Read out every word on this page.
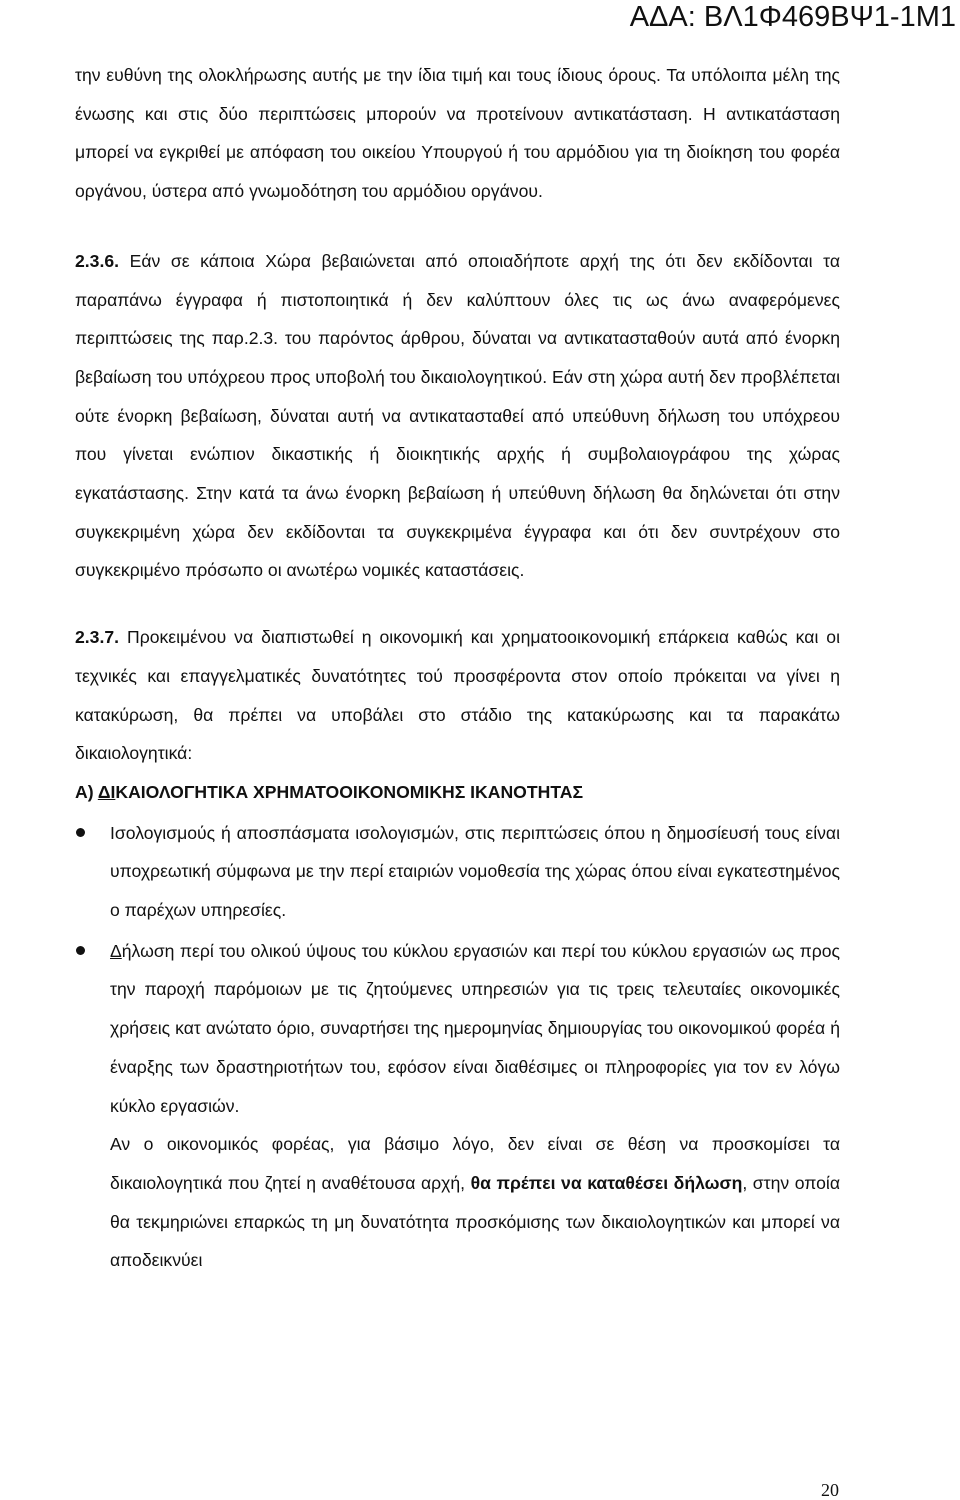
ΑΔΑ: ΒΛ1Φ469ΒΨ1-1Μ1

την ευθύνη της ολοκλήρωσης αυτής με την ίδια τιμή και τους ίδιους όρους. Τα υπόλοιπα μέλη της ένωσης και στις δύο περιπτώσεις μπορούν να προτείνουν αντικατάσταση. Η αντικατάσταση μπορεί να εγκριθεί με απόφαση του οικείου Υπουργού ή του αρμόδιου για τη διοίκηση του φορέα οργάνου, ύστερα από γνωμοδότηση του αρμόδιου οργάνου.

2.3.6. Εάν σε κάποια Χώρα βεβαιώνεται από οποιαδήποτε αρχή της ότι δεν εκδίδονται τα παραπάνω έγγραφα ή πιστοποιητικά ή δεν καλύπτουν όλες τις ως άνω αναφερόμενες περιπτώσεις της παρ.2.3. του παρόντος άρθρου, δύναται να αντικατασταθούν αυτά από ένορκη βεβαίωση του υπόχρεου προς υποβολή του δικαιολογητικού. Εάν στη χώρα αυτή δεν προβλέπεται ούτε ένορκη βεβαίωση, δύναται αυτή να αντικατασταθεί από υπεύθυνη δήλωση του υπόχρεου που γίνεται ενώπιον δικαστικής ή διοικητικής αρχής ή συμβολαιογράφου της χώρας εγκατάστασης. Στην κατά τα άνω ένορκη βεβαίωση ή υπεύθυνη δήλωση θα δηλώνεται ότι στην συγκεκριμένη χώρα δεν εκδίδονται τα συγκεκριμένα έγγραφα και ότι δεν συντρέχουν στο συγκεκριμένο πρόσωπο οι ανωτέρω νομικές καταστάσεις.
2.3.7. Προκειμένου να διαπιστωθεί η οικονομική και χρηματοοικονομική επάρκεια καθώς και οι τεχνικές και επαγγελματικές δυνατότητες τού προσφέροντα στον οποίο πρόκειται να γίνει η κατακύρωση, θα πρέπει να υποβάλει στο στάδιο της κατακύρωσης και τα παρακάτω δικαιολογητικά:

Α) ΔΙΚΑΙΟΛΟΓΗΤΙΚΑ ΧΡΗΜΑΤΟΟΙΚΟΝΟΜΙΚΗΣ ΙΚΑΝΟΤΗΤΑΣ

Ισολογισμούς ή αποσπάσματα ισολογισμών, στις περιπτώσεις όπου η δημοσίευσή τους είναι υποχρεωτική σύμφωνα με την περί εταιριών νομοθεσία της χώρας όπου είναι εγκατεστημένος ο παρέχων υπηρεσίες.
Δήλωση περί του ολικού ύψους του κύκλου εργασιών και περί του κύκλου εργασιών ως προς την παροχή παρόμοιων με τις ζητούμενες υπηρεσιών για τις τρεις τελευταίες οικονομικές χρήσεις κατ ανώτατο όριο, συναρτήσει της ημερομηνίας δημιουργίας του οικονομικού φορέα ή έναρξης των δραστηριοτήτων του, εφόσον είναι διαθέσιμες οι πληροφορίες για τον εν λόγω κύκλο εργασιών.

Αν ο οικονομικός φορέας, για βάσιμο λόγο, δεν είναι σε θέση να προσκομίσει τα δικαιολογητικά που ζητεί η αναθέτουσα αρχή, θα πρέπει να καταθέσει δήλωση, στην οποία θα τεκμηριώνει επαρκώς τη μη δυνατότητα προσκόμισης των δικαιολογητικών και μπορεί να αποδεικνύει

20
